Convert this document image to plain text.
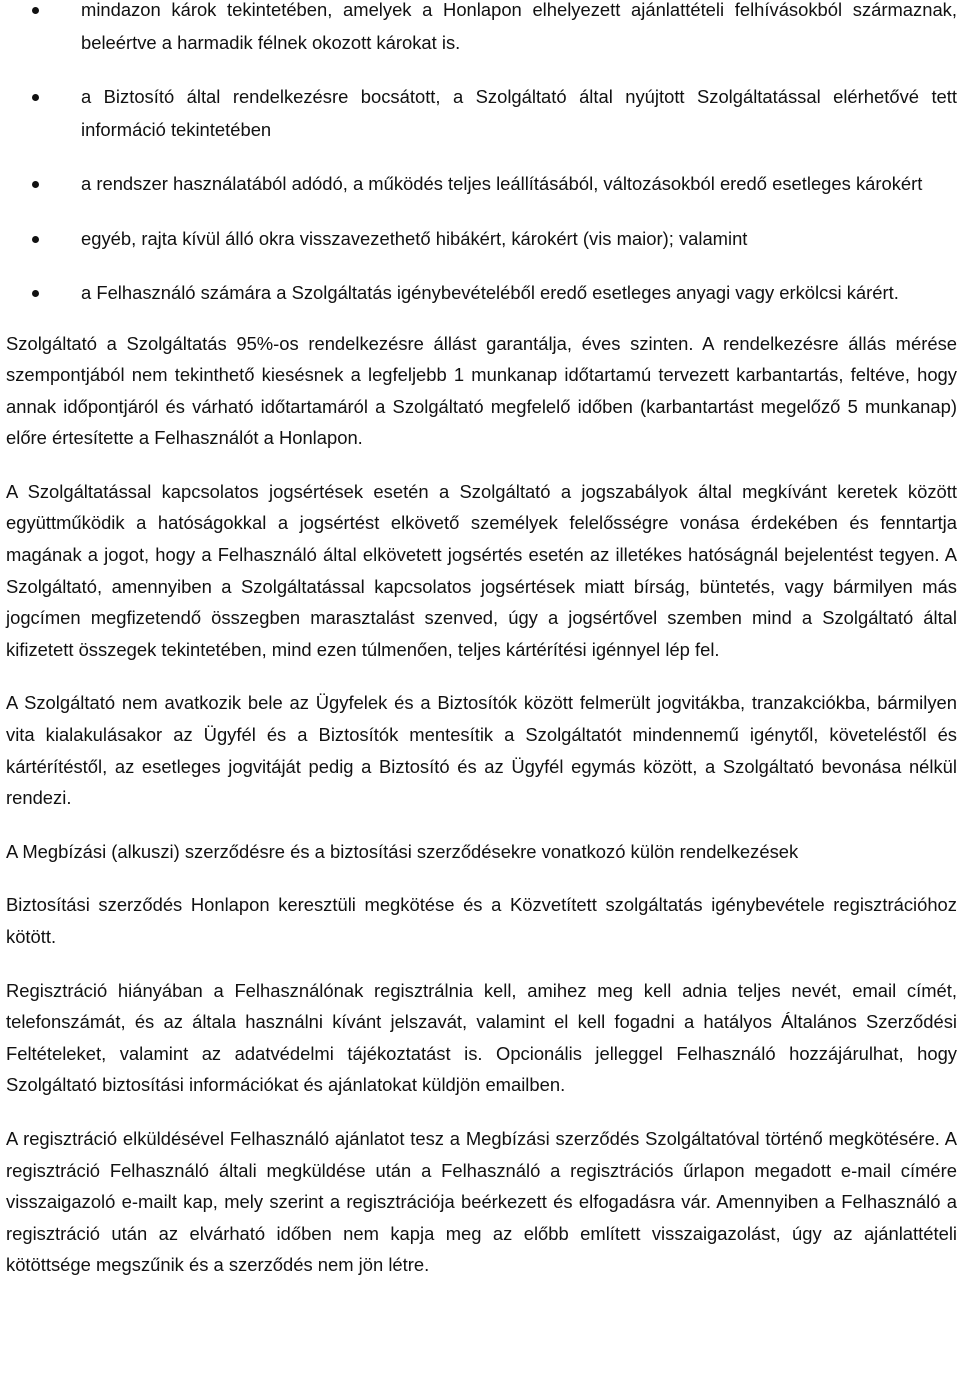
mindazon károk tekintetében, amelyek a Honlapon elhelyezett ajánlattételi felhívásokból származnak, beleértve a harmadik félnek okozott károkat is.
a Biztosító által rendelkezésre bocsátott, a Szolgáltató által nyújtott Szolgáltatással elérhetővé tett információ tekintetében
a rendszer használatából adódó, a működés teljes leállításából, változásokból eredő esetleges károkért
egyéb, rajta kívül álló okra visszavezethető hibákért, károkért (vis maior); valamint
a Felhasználó számára a Szolgáltatás igénybevételéből eredő esetleges anyagi vagy erkölcsi kárért.

Szolgáltató a Szolgáltatás 95%-os rendelkezésre állást garantálja, éves szinten. A rendelkezésre állás mérése szempontjából nem tekinthető kiesésnek a legfeljebb 1 munkanap időtartamú tervezett karbantartás, feltéve, hogy annak időpontjáról és várható időtartamáról a Szolgáltató megfelelő időben (karbantartást megelőző 5 munkanap) előre értesítette a Felhasználót a Honlapon.

A Szolgáltatással kapcsolatos jogsértések esetén a Szolgáltató a jogszabályok által megkívánt keretek között együttműködik a hatóságokkal a jogsértést elkövető személyek felelősségre vonása érdekében és fenntartja magának a jogot, hogy a Felhasználó által elkövetett jogsértés esetén az illetékes hatóságnál bejelentést tegyen. A Szolgáltató, amennyiben a Szolgáltatással kapcsolatos jogsértések miatt bírság, büntetés, vagy bármilyen más jogcímen megfizetendő összegben marasztalást szenved, úgy a jogsértővel szemben mind a Szolgáltató által kifizetett összegek tekintetében, mind ezen túlmenően, teljes kártérítési igénnyel lép fel.

A Szolgáltató nem avatkozik bele az Ügyfelek és a Biztosítók között felmerült jogvitákba, tranzakciókba, bármilyen vita kialakulásakor az Ügyfél és a Biztosítók mentesítik a Szolgáltatót mindennemű igénytől, követeléstől és kártérítéstől, az esetleges jogvitáját pedig a Biztosító és az Ügyfél egymás között, a Szolgáltató bevonása nélkül rendezi.

A Megbízási (alkuszi) szerződésre és a biztosítási szerződésekre vonatkozó külön rendelkezések

Biztosítási szerződés Honlapon keresztüli megkötése és a Közvetített szolgáltatás igénybevétele regisztrációhoz kötött.

Regisztráció hiányában a Felhasználónak regisztrálnia kell, amihez meg kell adnia teljes nevét, email címét, telefonszámát, és az általa használni kívánt jelszavát, valamint el kell fogadni a hatályos Általános Szerződési Feltételeket, valamint az adatvédelmi tájékoztatást is. Opcionális jelleggel Felhasználó hozzájárulhat, hogy Szolgáltató biztosítási információkat és ajánlatokat küldjön emailben.

A regisztráció elküldésével Felhasználó ajánlatot tesz a Megbízási szerződés Szolgáltatóval történő megkötésére. A regisztráció Felhasználó általi megküldése után a Felhasználó a regisztrációs űrlapon megadott e-mail címére visszaigazoló e-mailt kap, mely szerint a regisztrációja beérkezett és elfogadásra vár. Amennyiben a Felhasználó a regisztráció után az elvárható időben nem kapja meg az előbb említett visszaigazolást, úgy az ajánlattételi kötöttsége megszűnik és a szerződés nem jön létre.
